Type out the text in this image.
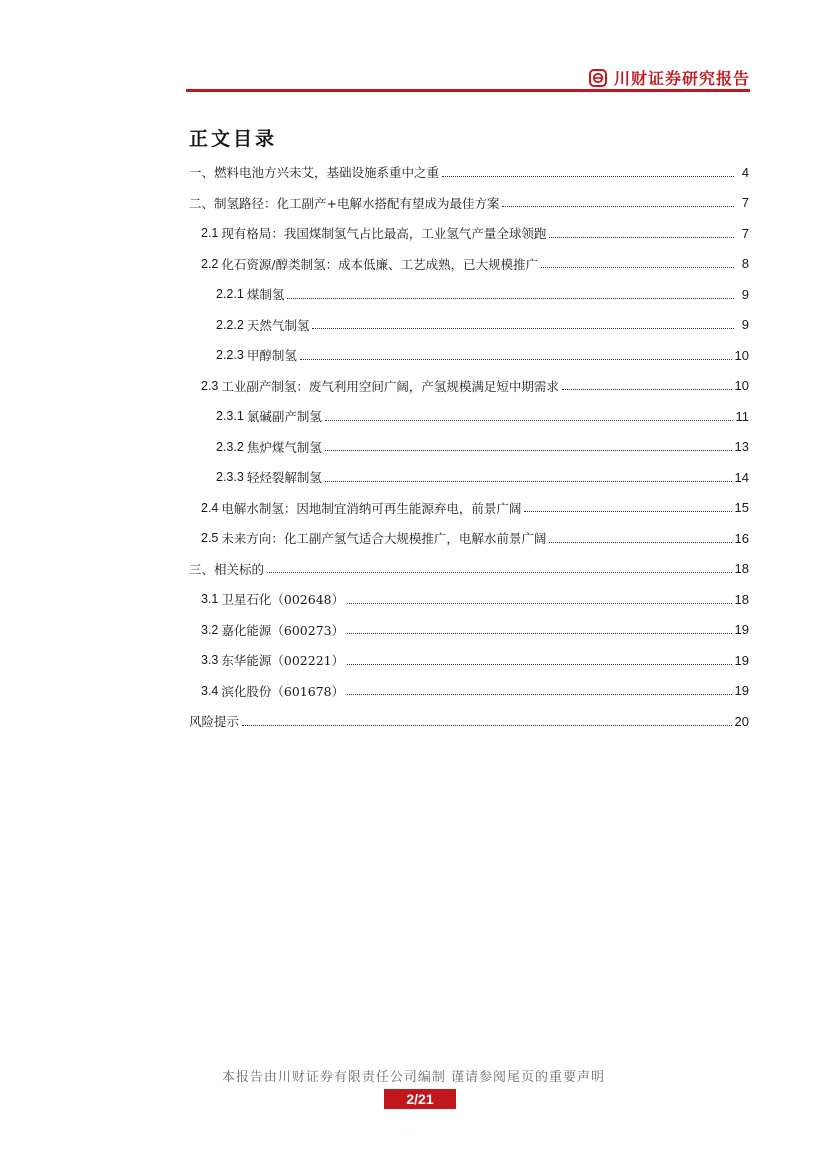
川财证券研究报告
正文目录
一、燃料电池方兴未艾，基础设施系重中之重	4
二、制氢路径：化工副产+电解水搭配有望成为最佳方案	7
2.1 现有格局：我国煤制氢气占比最高，工业氢气产量全球领跑	7
2.2 化石资源/醇类制氢：成本低廉、工艺成熟，已大规模推广	8
2.2.1 煤制氢	9
2.2.2 天然气制氢	9
2.2.3 甲醇制氢	10
2.3 工业副产制氢：废气利用空间广阔，产氢规模满足短中期需求	10
2.3.1 氯碱副产制氢	11
2.3.2 焦炉煤气制氢	13
2.3.3 轻烃裂解制氢	14
2.4 电解水制氢：因地制宜消纳可再生能源弃电，前景广阔	15
2.5 未来方向：化工副产氢气适合大规模推广，电解水前景广阔	16
三、相关标的	18
3.1 卫星石化（002648）	18
3.2 嘉化能源（600273）	19
3.3 东华能源（002221）	19
3.4 滨化股份（601678）	19
风险提示	20
本报告由川财证券有限责任公司编制 谨请参阅尾页的重要声明
2/21
